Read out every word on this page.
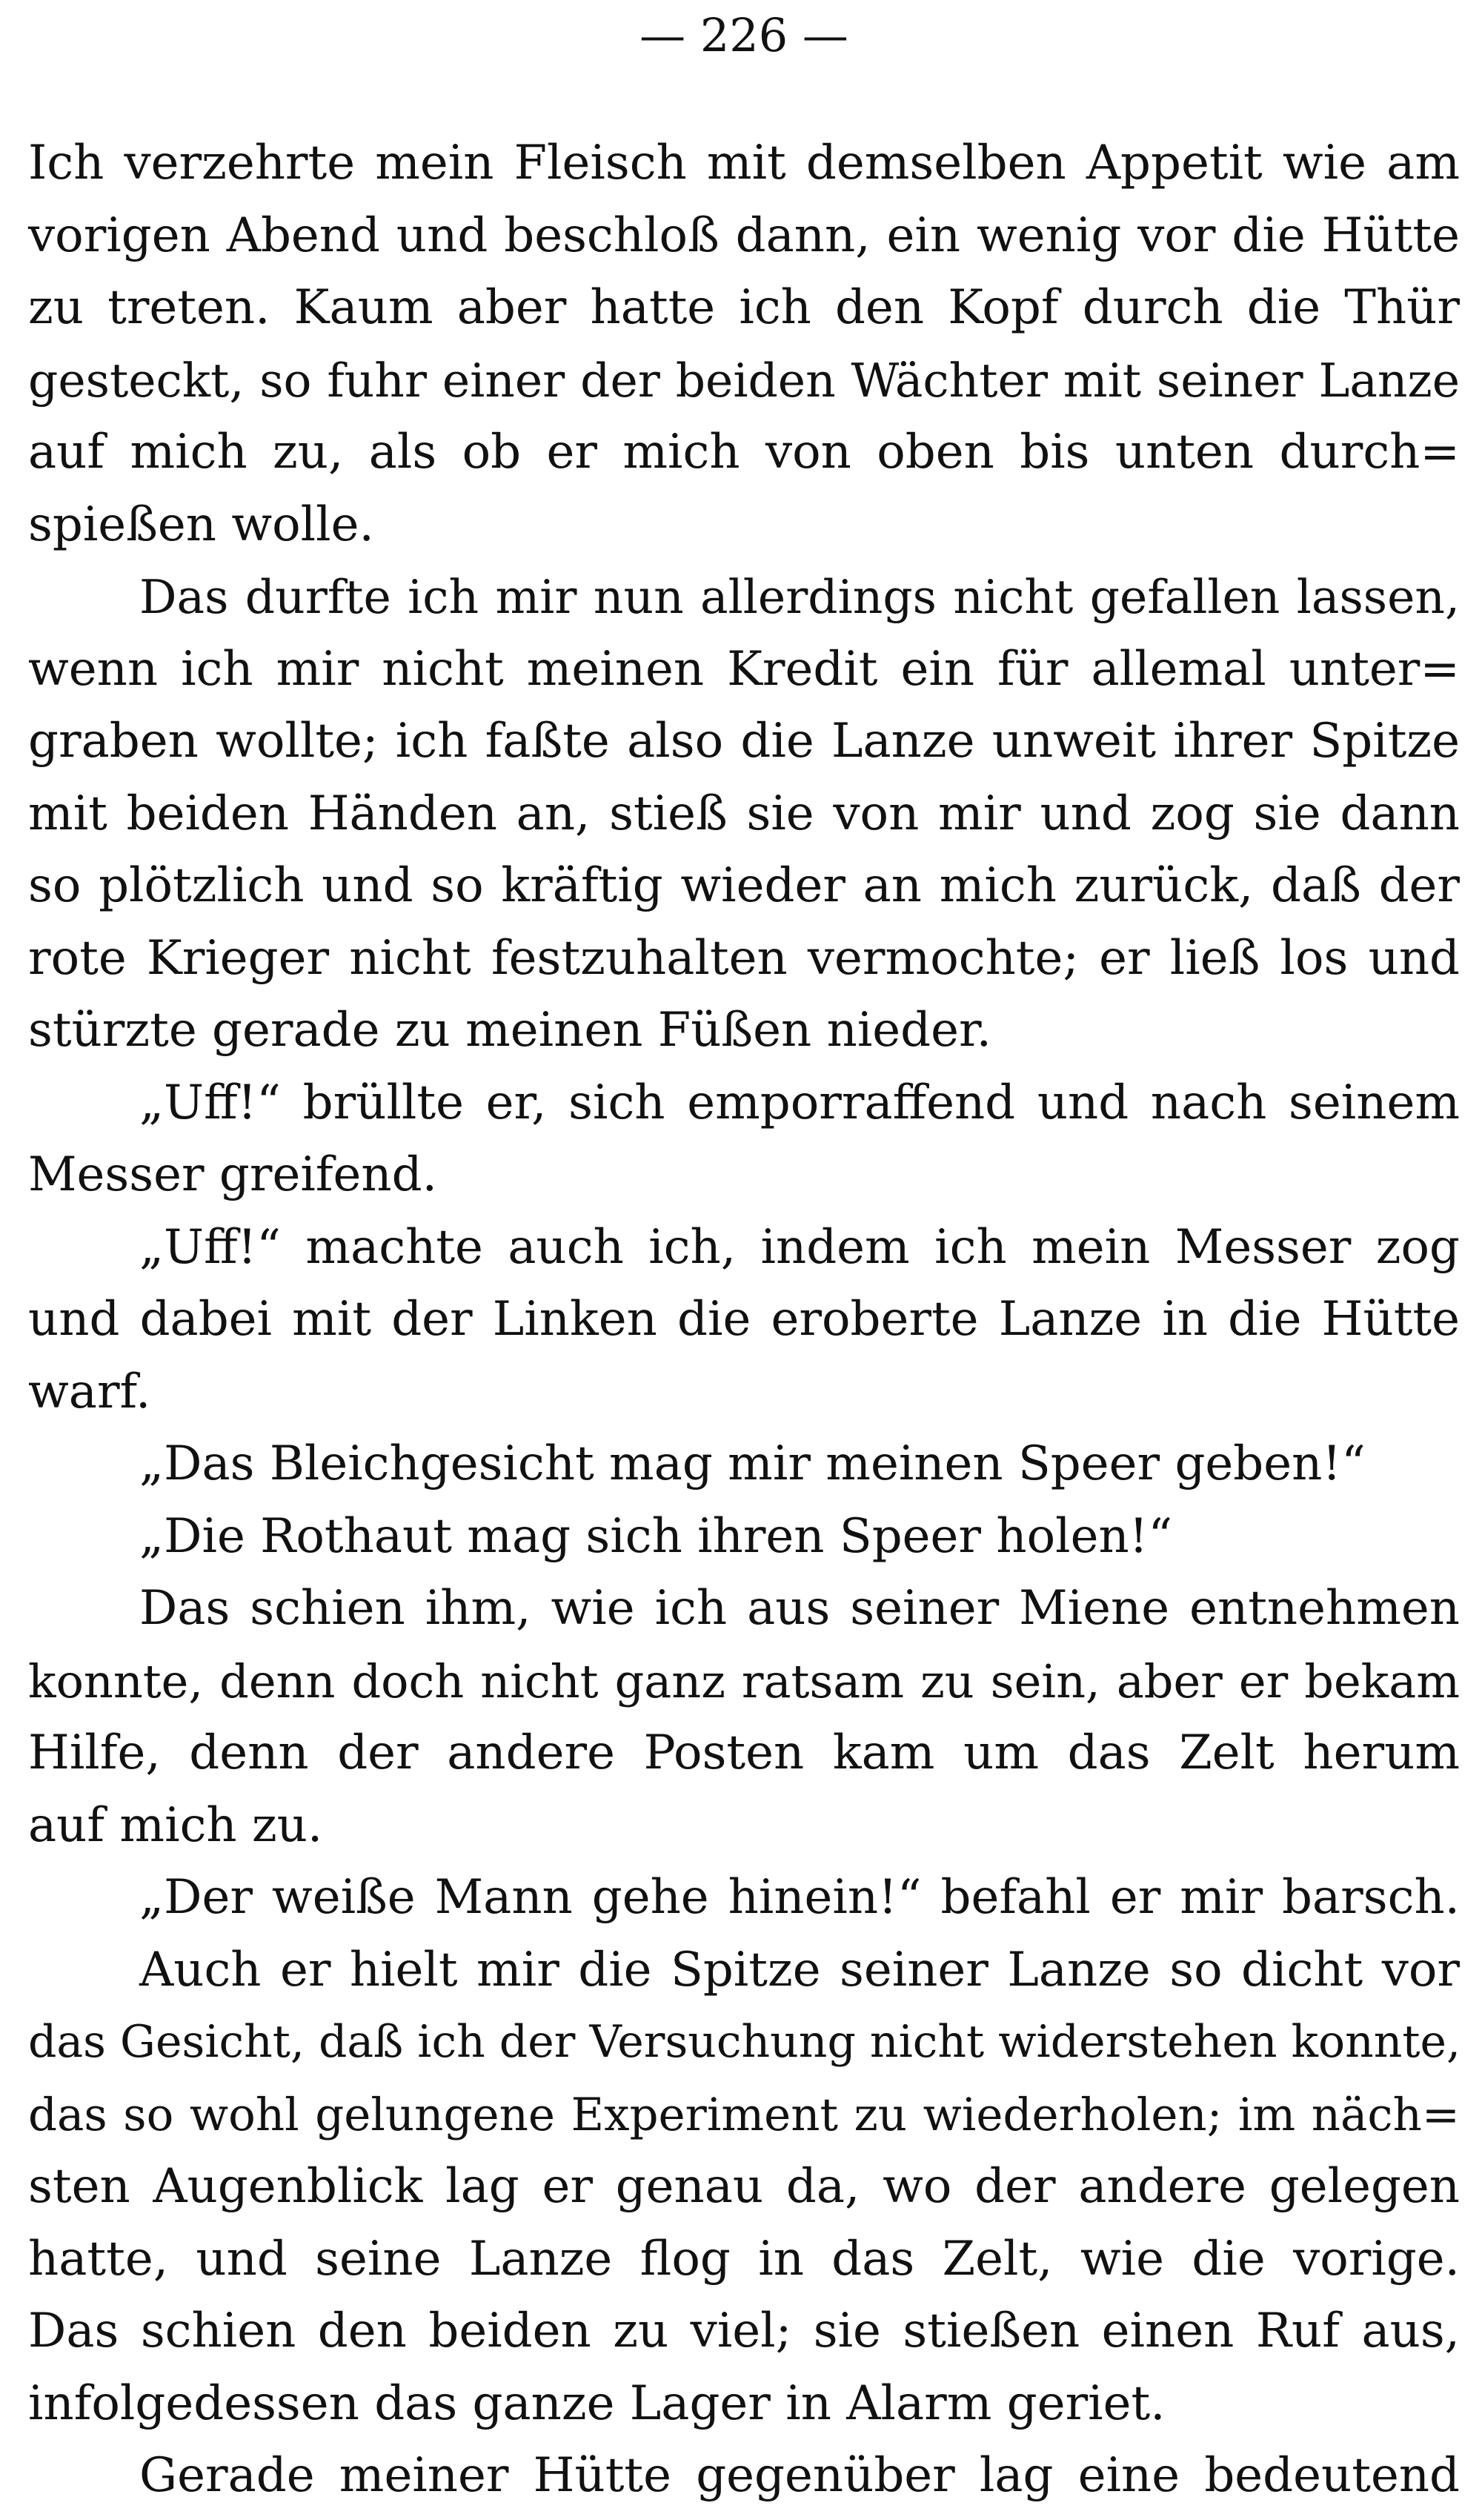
— 226 —
Ich verzehrte mein Fleisch mit demselben Appetit wie am
vorigen Abend und beschloß dann, ein wenig vor die Hütte
zu treten. Kaum aber hatte ich den Kopf durch die Thür
gesteckt, so fuhr einer der beiden Wächter mit seiner Lanze
auf mich zu, als ob er mich von oben bis unten durch=
spießen wolle.
Das durfte ich mir nun allerdings nicht gefallen lassen,
wenn ich mir nicht meinen Kredit ein für allemal unter=
graben wollte; ich faßte also die Lanze unweit ihrer Spitze
mit beiden Händen an, stieß sie von mir und zog sie dann
so plötzlich und so kräftig wieder an mich zurück, daß der
rote Krieger nicht festzuhalten vermochte; er ließ los und
stürzte gerade zu meinen Füßen nieder.
„Uff!“ brüllte er, sich emporraffend und nach seinem
Messer greifend.
„Uff!“ machte auch ich, indem ich mein Messer zog
und dabei mit der Linken die eroberte Lanze in die Hütte
warf.
„Das Bleichgesicht mag mir meinen Speer geben!“
„Die Rothaut mag sich ihren Speer holen!“
Das schien ihm, wie ich aus seiner Miene entnehmen
konnte, denn doch nicht ganz ratsam zu sein, aber er bekam
Hilfe, denn der andere Posten kam um das Zelt herum
auf mich zu.
„Der weiße Mann gehe hinein!“ befahl er mir barsch.
Auch er hielt mir die Spitze seiner Lanze so dicht vor
das Gesicht, daß ich der Versuchung nicht widerstehen konnte,
das so wohl gelungene Experiment zu wiederholen; im näch=
sten Augenblick lag er genau da, wo der andere gelegen
hatte, und seine Lanze flog in das Zelt, wie die vorige.
Das schien den beiden zu viel; sie stießen einen Ruf aus,
infolgedessen das ganze Lager in Alarm geriet.
Gerade meiner Hütte gegenüber lag eine bedeutend
